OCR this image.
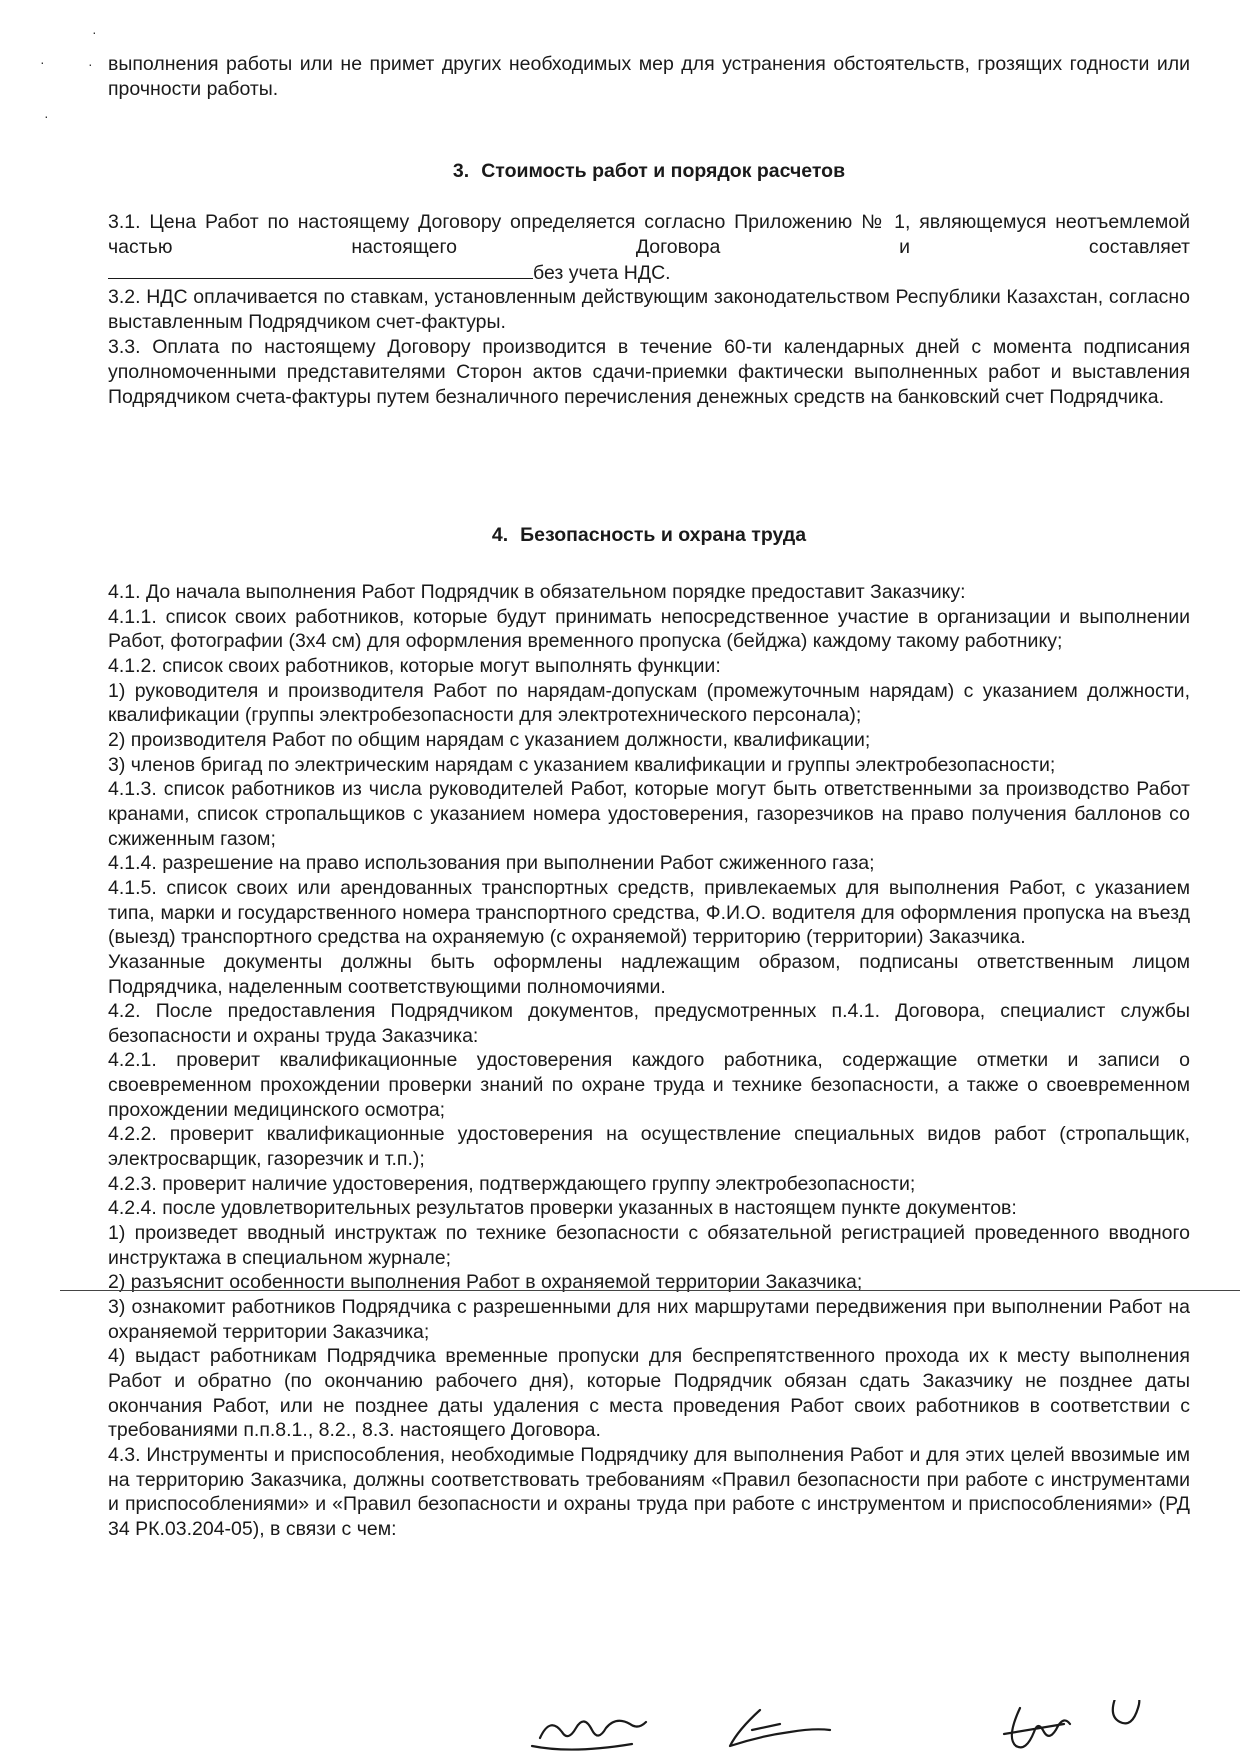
·
·	·
·

выполнения работы или не примет других необходимых мер для устранения обстоятельств, грозящих годности или прочности работы.

3. Стоимость работ и порядок расчетов

3.1. Цена Работ по настоящему Договору определяется согласно Приложению № 1, являющемуся неотъемлемой частью настоящего Договора и составляет

без учета НДС.

3.2. НДС оплачивается по ставкам, установленным действующим законодательством Республики Казахстан, согласно выставленным Подрядчиком счет-фактуры.

3.3. Оплата по настоящему Договору производится в течение 60-ти календарных дней с момента подписания уполномоченными представителями Сторон актов сдачи-приемки фактически выполненных работ и выставления Подрядчиком счета-фактуры путем безналичного перечисления денежных средств на банковский счет Подрядчика.

4. Безопасность и охрана труда

4.1. До начала выполнения Работ Подрядчик в обязательном порядке предоставит Заказчику:

4.1.1. список своих работников, которые будут принимать непосредственное участие в организации и выполнении Работ, фотографии (3х4 см) для оформления временного пропуска (бейджа) каждому такому работнику;

4.1.2. список своих работников, которые могут выполнять функции:

1) руководителя и производителя Работ по нарядам-допускам (промежуточным нарядам) с указанием должности, квалификации (группы электробезопасности для электротехнического персонала);

2) производителя Работ по общим нарядам с указанием должности, квалификации;

3) членов бригад по электрическим нарядам с указанием квалификации и группы электробезопасности;

4.1.3. список работников из числа руководителей Работ, которые могут быть ответственными за производство Работ кранами, список стропальщиков с указанием номера удостоверения, газорезчиков на право получения баллонов со сжиженным газом;

4.1.4. разрешение на право использования при выполнении Работ сжиженного газа;

4.1.5. список своих или арендованных транспортных средств, привлекаемых для выполнения Работ, с указанием типа, марки и государственного номера транспортного средства, Ф.И.О. водителя для оформления пропуска на въезд (выезд) транспортного средства на охраняемую (с охраняемой) территорию (территории) Заказчика.

Указанные документы должны быть оформлены надлежащим образом, подписаны ответственным лицом Подрядчика, наделенным соответствующими полномочиями.

4.2. После предоставления Подрядчиком документов, предусмотренных п.4.1. Договора, специалист службы безопасности и охраны труда Заказчика:

4.2.1. проверит квалификационные удостоверения каждого работника, содержащие отметки и записи о своевременном прохождении проверки знаний по охране труда и технике безопасности, а также о своевременном прохождении медицинского осмотра;

4.2.2. проверит квалификационные удостоверения на осуществление специальных видов работ (стропальщик, электросварщик, газорезчик и т.п.);

4.2.3. проверит наличие удостоверения, подтверждающего группу электробезопасности;

4.2.4. после удовлетворительных результатов проверки указанных в настоящем пункте документов:

1) произведет вводный инструктаж по технике безопасности с обязательной регистрацией проведенного вводного инструктажа в специальном журнале;

2) разъяснит особенности выполнения Работ в охраняемой территории Заказчика;

3) ознакомит работников Подрядчика с разрешенными для них маршрутами передвижения при выполнении Работ на охраняемой территории Заказчика;

4) выдаст работникам Подрядчика временные пропуски для беспрепятственного прохода их к месту выполнения Работ и обратно (по окончанию рабочего дня), которые Подрядчик обязан сдать Заказчику не позднее даты окончания Работ, или не позднее даты удаления с места проведения Работ своих работников в соответствии с требованиями п.п.8.1., 8.2., 8.3. настоящего Договора.

4.3. Инструменты и приспособления, необходимые Подрядчику для выполнения Работ и для этих целей ввозимые им на территорию Заказчика, должны соответствовать требованиям «Правил безопасности при работе с инструментами и приспособлениями» и «Правил безопасности и охраны труда при работе с инструментом и приспособлениями» (РД 34 РК.03.204-05), в связи с чем:
